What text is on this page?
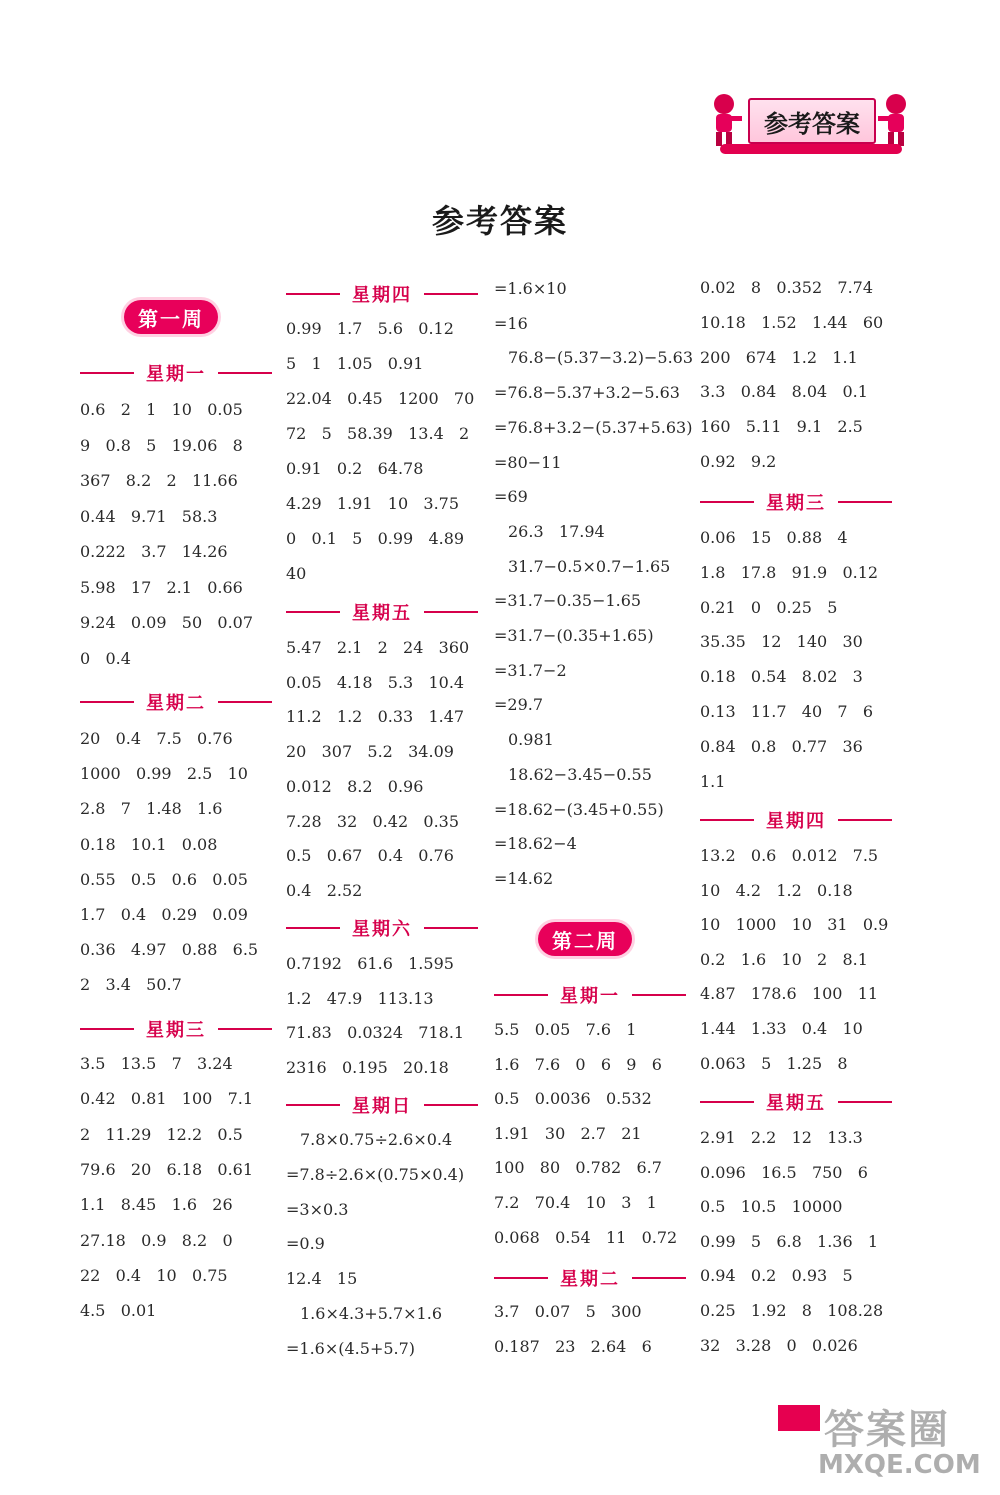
参考答案
参考答案
第一周
星期一
0.6   2   1   10   0.05
9   0.8   5   19.06   8
367   8.2   2   11.66
0.44   9.71   58.3
0.222   3.7   14.26
5.98   17   2.1   0.66
9.24   0.09   50   0.07
0   0.4
星期二
20   0.4   7.5   0.76
1000   0.99   2.5   10
2.8   7   1.48   1.6
0.18   10.1   0.08
0.55   0.5   0.6   0.05
1.7   0.4   0.29   0.09
0.36   4.97   0.88   6.5
2   3.4   50.7
星期三
3.5   13.5   7   3.24
0.42   0.81   100   7.1
2   11.29   12.2   0.5
79.6   20   6.18   0.61
1.1   8.45   1.6   26
27.18   0.9   8.2   0
22   0.4   10   0.75
4.5   0.01
星期四
0.99   1.7   5.6   0.12
5   1   1.05   0.91
22.04   0.45   1200   70
72   5   58.39   13.4   2
0.91   0.2   64.78
4.29   1.91   10   3.75
0   0.1   5   0.99   4.89
40
星期五
5.47   2.1   2   24   360
0.05   4.18   5.3   10.4
11.2   1.2   0.33   1.47
20   307   5.2   34.09
0.012   8.2   0.96
7.28   32   0.42   0.35
0.5   0.67   0.4   0.76
0.4   2.52
星期六
0.7192   61.6   1.595
1.2   47.9   113.13
71.83   0.0324   718.1
2316   0.195   20.18
星期日
7.8×0.75÷2.6×0.4
=7.8÷2.6×(0.75×0.4)
=3×0.3
=0.9
12.4   15
1.6×4.3+5.7×1.6
=1.6×(4.5+5.7)
=1.6×10
=16
76.8−(5.37−3.2)−5.63
=76.8−5.37+3.2−5.63
=76.8+3.2−(5.37+5.63)
=80−11
=69
26.3   17.94
31.7−0.5×0.7−1.65
=31.7−0.35−1.65
=31.7−(0.35+1.65)
=31.7−2
=29.7
0.981
18.62−3.45−0.55
=18.62−(3.45+0.55)
=18.62−4
=14.62
第二周
星期一
5.5   0.05   7.6   1
1.6   7.6   0   6   9   6
0.5   0.0036   0.532
1.91   30   2.7   21
100   80   0.782   6.7
7.2   70.4   10   3   1
0.068   0.54   11   0.72
星期二
3.7   0.07   5   300
0.187   23   2.64   6
0.02   8   0.352   7.74
10.18   1.52   1.44   60
200   674   1.2   1.1
3.3   0.84   8.04   0.1
160   5.11   9.1   2.5
0.92   9.2
星期三
0.06   15   0.88   4
1.8   17.8   91.9   0.12
0.21   0   0.25   5
35.35   12   140   30
0.18   0.54   8.02   3
0.13   11.7   40   7   6
0.84   0.8   0.77   36
1.1
星期四
13.2   0.6   0.012   7.5
10   4.2   1.2   0.18
10   1000   10   31   0.9
0.2   1.6   10   2   8.1
4.87   178.6   100   11
1.44   1.33   0.4   10
0.063   5   1.25   8
星期五
2.91   2.2   12   13.3
0.096   16.5   750   6
0.5   10.5   10000
0.99   5   6.8   1.36   1
0.94   0.2   0.93   5
0.25   1.92   8   108.28
32   3.28   0   0.026
答案圈
MXQE.COM
